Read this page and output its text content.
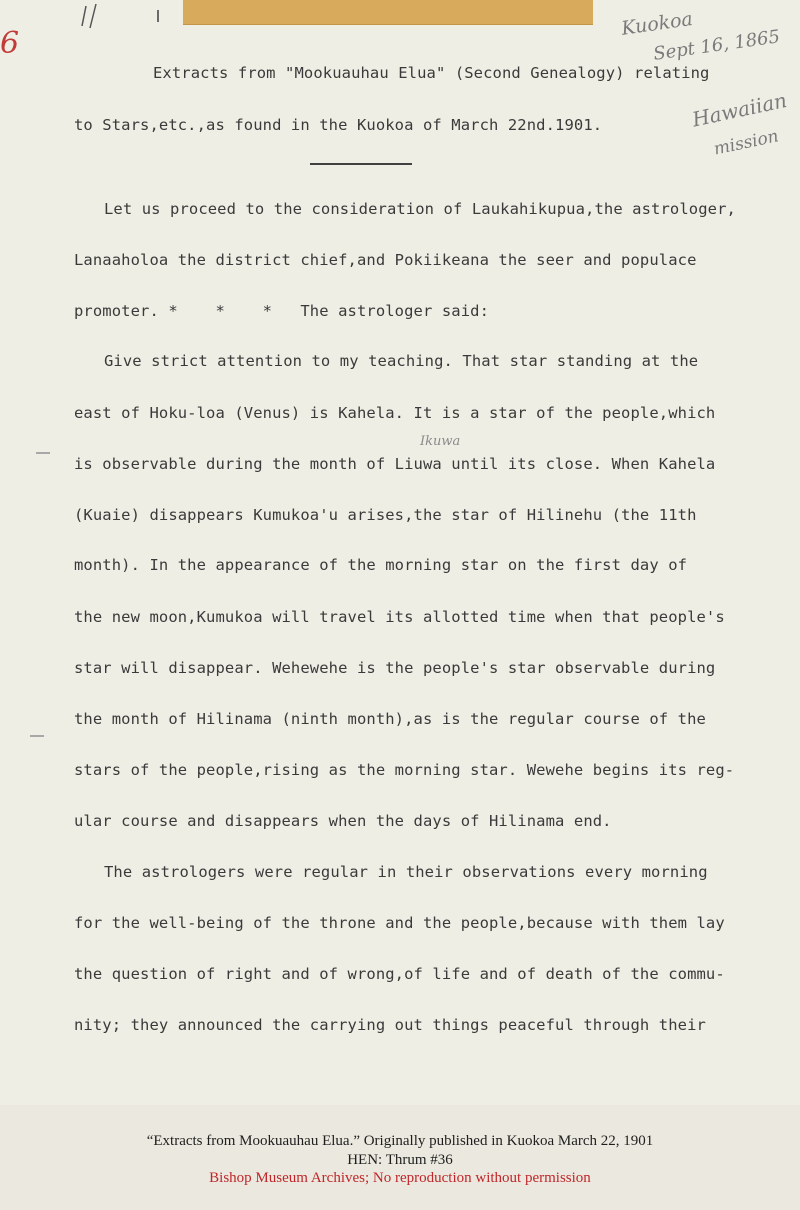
6
Kuokoa
Sept 16, 1865
Hawaiian
mission
Ikuwa
Extracts from "Mookuauhau Elua" (Second Genealogy) relating
to Stars,etc.,as found in the Kuokoa of March 22nd.1901.
Let us proceed to the consideration of Laukahikupua,the astrologer,
Lanaaholoa the district chief,and Pokiikeana the seer and populace
promoter. *    *    *   The astrologer said:
Give strict attention to my teaching. That star standing at the
east of Hoku-loa (Venus) is Kahela. It is a star of the people,which
is observable during the month of Liuwa until its close. When Kahela
(Kuaie) disappears Kumukoa'u arises,the star of Hilinehu (the 11th
month). In the appearance of the morning star on the first day of
the new moon,Kumukoa will travel its allotted time when that people's
star will disappear. Wehewehe is the people's star observable during
the month of Hilinama (ninth month),as is the regular course of the
stars of the people,rising as the morning star. Wewehe begins its reg-
ular course and disappears when the days of Hilinama end.
The astrologers were regular in their observations every morning
for the well-being of the throne and the people,because with them lay
the question of right and of wrong,of life and of death of the commu-
nity; they announced the carrying out things peaceful through their
“Extracts from Mookuauhau Elua.” Originally published in Kuokoa March 22, 1901
HEN: Thrum #36
Bishop Museum Archives; No reproduction without permission
